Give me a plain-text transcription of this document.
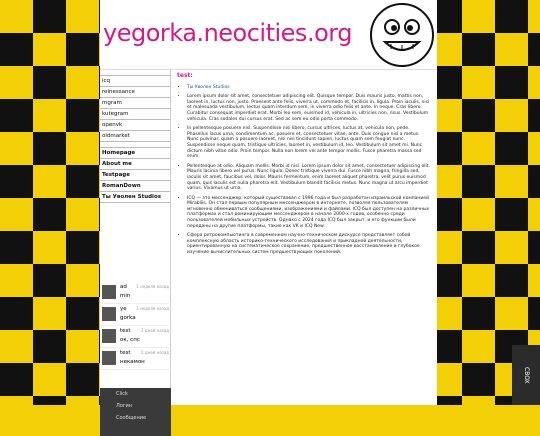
yegorka.neocities.org
icq
reinessance
mgram
kutegram
openvk
oldmarket
Homepage
About me
Testpage
RomanDown
Ты Уволен Studios
ad
min
1 неделя назад
ye
gorka
1 неделя назад
test
ок, спс
2 дней назад
test
некамон
2 дней назад
Click
Логин
Сообщение
test:
• Ты Уволен Studios
• Lorem ipsum dolor sit amet, consectetuer adipiscing elit. Quisque tempor. Duis mauris justo, mattis non, laoreet in, luctus non, justo. Praesent ante felis, viverra ut, commodo et, facilisis in, ligula. Proin iaculis, nisi et malesuada vestibulum, lectus quam interdum sem, in viverra odio felis et ante. In neque. Cras libero. Curabitur consequat imperdiet erat. Morbi leo sem, euismod id, vehicula in, ultricies non, risus. Vestibulum vehicula. Cras sodales dui cursus erat. Sed ac sem eu odio porta commodo.
• In pellentesque posuere nisl. Suspendisse nisi libero, cursus ultrices, luctus at, vehicula non, pede. Phasellus lacus urna, condimentum ac, posuere et, consectetuer vitae, ante. Duis congue nisl a metus. Nunc pulvinar, quam a posuere laoreet, nisi nisi tincidunt sapien, luctus quam sem feugiat nunc. Suspendisse neque quam, tristique ultricies, laoreet in, vestibulum id, leo. Vestibulum sit amet mi. Nunc dictum nibh vitae odio. Proin tempor. Nulla non lorem vel ante tempor mollis. Fusce pharetra massa sed enim.
• Pellentesque at odio. Aliquam mollis. Morbi id nisl. Lorem ipsum dolor sit amet, consectetuer adipiscing elit. Mauris lacinia libero vel purus. Nunc ligula. Donec tristique viverra dui. Fusce nibh magna, fringilla sed, iaculis sit amet, faucibus vel, dolor. Mauris fermentum, enim laoreet aliquet pharetra, velit purus euismod quam, quis iaculis est nulla pharetra elit. Vestibulum blandit facilisis metus. Nunc magna ut arcu imperdiet varius. Vivamus ut urna.
• ICQ — это мессенджер, который существовал с 1996 года и был разработан израильской компанией Mirabilis. Он стал первым популярным мессенджером в интернете, позволяя пользователям мгновенно обмениваться сообщениями, изображениями и файлами. ICQ был доступен на различных платформах и стал доминирующим мессенджером в начале 2000-х годов, особенно среди пользователей мобильных устройств. Однако с 2024 года ICQ был закрыт, и его функции были переданы на другие платформы, такие как VK и ICQ New.
• Сфера ретрокомпьютинга в современном научно-техническом дискурсе представляет собой комплексную область историко-технического исследования и прикладной деятельности, ориентированную на систематическое сохранение, предшественное восстановление и глубокое изучение вычислительных систем предшествующих поколений.
CBOX
